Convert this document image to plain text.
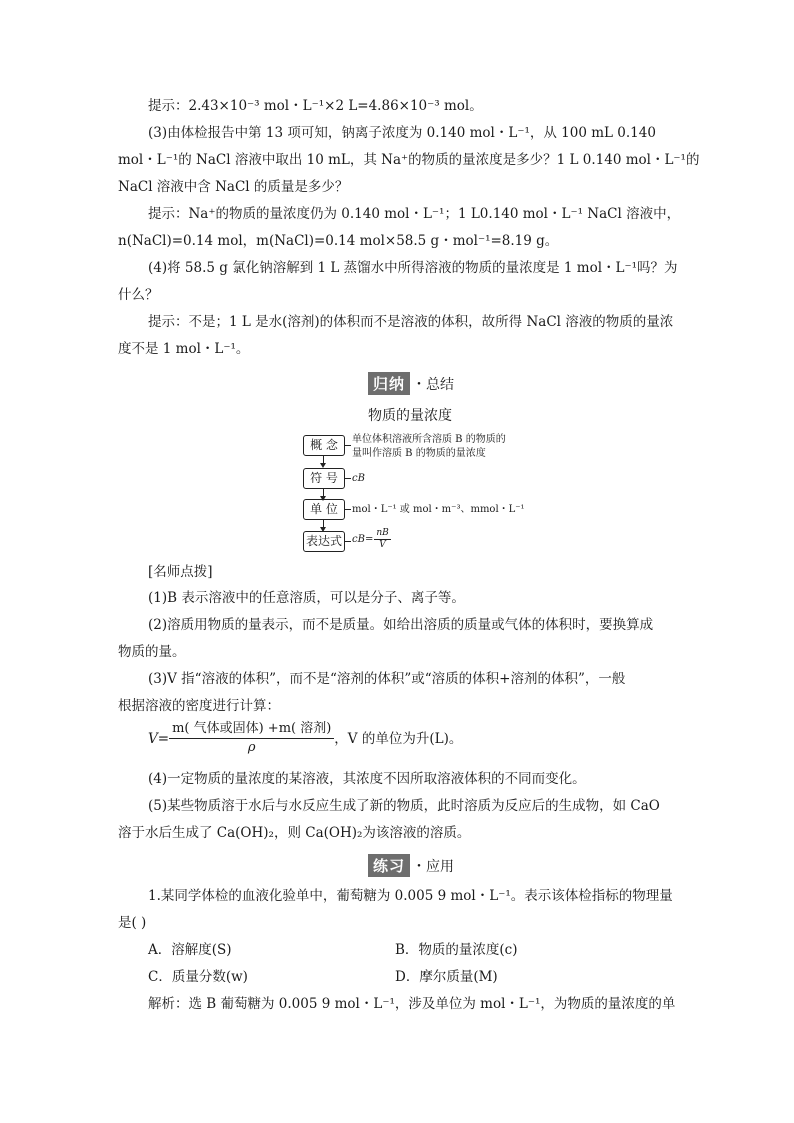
提示：2.43×10⁻³ mol・L⁻¹×2 L=4.86×10⁻³ mol。
(3)由体检报告中第 13 项可知，钠离子浓度为 0.140 mol・L⁻¹，从 100 mL 0.140
mol・L⁻¹的 NaCl 溶液中取出 10 mL，其 Na⁺的物质的量浓度是多少？1 L 0.140 mol・L⁻¹的
NaCl 溶液中含 NaCl 的质量是多少？
提示：Na⁺的物质的量浓度仍为 0.140 mol・L⁻¹；1 L0.140 mol・L⁻¹ NaCl 溶液中，
n(NaCl)=0.14 mol，m(NaCl)=0.14 mol×58.5 g・mol⁻¹=8.19 g。
(4)将 58.5 g 氯化钠溶解到 1 L 蒸馏水中所得溶液的物质的量浓度是 1 mol・L⁻¹吗？为
什么？
提示：不是；1 L 是水(溶剂)的体积而不是溶液的体积，故所得 NaCl 溶液的物质的量浓
度不是 1 mol・L⁻¹。
归纳 ・总结
物质的量浓度
概 念	单位体积溶液所含溶质 B 的物质的
量叫作溶质 B 的物质的量浓度
符 号	cB
单 位	mol・L⁻¹ 或 mol・m⁻³、mmol・L⁻¹
表达式	$cB= \frac{nB}{V}$
[名师点拨]
(1)B 表示溶液中的任意溶质，可以是分子、离子等。
(2)溶质用物质的量表示，而不是质量。如给出溶质的质量或气体的体积时，要换算成
物质的量。
(3)V 指“溶液的体积”，而不是“溶剂的体积”或“溶质的体积+溶剂的体积”，一般
根据溶液的密度进行计算：
$V= \frac{\text{m( 气体或固体) +m( 溶剂)}}{\rho}$ ，V 的单位为升(L)。
(4)一定物质的量浓度的某溶液，其浓度不因所取溶液体积的不同而变化。
(5)某些物质溶于水后与水反应生成了新的物质，此时溶质为反应后的生成物，如 CaO
溶于水后生成了 Ca(OH)₂，则 Ca(OH)₂为该溶液的溶质。
练习 ・应用
1.某同学体检的血液化验单中，葡萄糖为 0.005 9 mol・L⁻¹。表示该体检指标的物理量
是( )
A．溶解度(S)	B．物质的量浓度(c)
C．质量分数(w)	D．摩尔质量(M)
解析：选 B 葡萄糖为 0.005 9 mol・L⁻¹，涉及单位为 mol・L⁻¹，为物质的量浓度的单
